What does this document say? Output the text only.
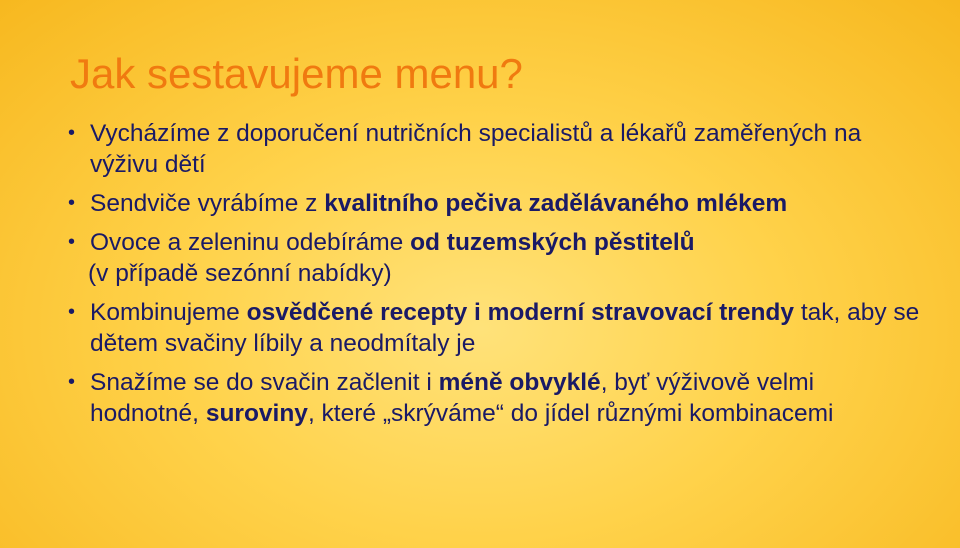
Jak sestavujeme menu?
• Vycházíme z doporučení nutričních specialistů a lékařů zaměřených na výživu dětí
• Sendviče vyrábíme z kvalitního pečiva zadělávaného mlékem
• Ovoce a zeleninu odebíráme od tuzemských pěstitelů
(v případě sezónní nabídky)
• Kombinujeme osvědčené recepty i moderní stravovací trendy tak, aby se dětem svačiny líbily a neodmítaly je
• Snažíme se do svačin začlenit i méně obvyklé, byť výživově velmi hodnotné, suroviny, které „skrýváme“ do jídel různými kombinacemi
